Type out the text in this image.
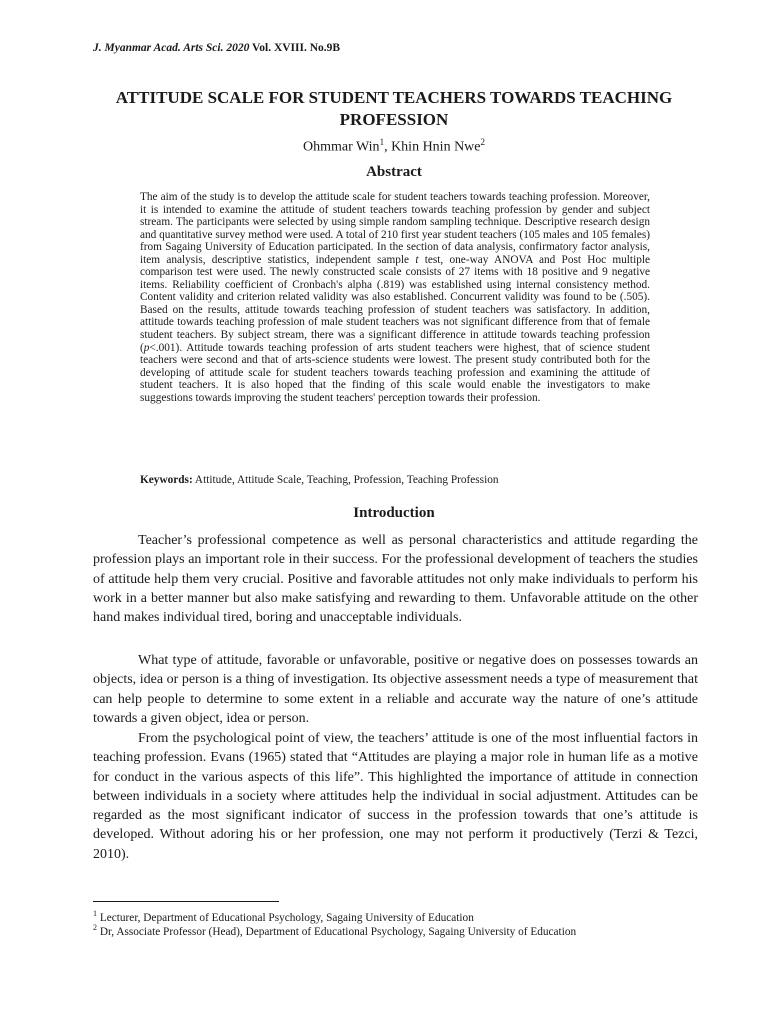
J. Myanmar Acad. Arts Sci. 2020 Vol. XVIII. No.9B
ATTITUDE SCALE FOR STUDENT TEACHERS TOWARDS TEACHING
PROFESSION
Ohmmar Win$^1$, Khin Hnin Nwe$^2$
Abstract

The aim of the study is to develop the attitude scale for student teachers towards teaching profession. Moreover, it is intended to examine the attitude of student teachers towards teaching profession by gender and subject stream. The participants were selected by using simple random sampling technique. Descriptive research design and quantitative survey method were used. A total of 210 first year student teachers (105 males and 105 females) from Sagaing University of Education participated. In the section of data analysis, confirmatory factor analysis, item analysis, descriptive statistics, independent sample t test, one-way ANOVA and Post Hoc multiple comparison test were used. The newly constructed scale consists of 27 items with 18 positive and 9 negative items. Reliability coefficient of Cronbach's alpha (.819) was established using internal consistency method. Content validity and criterion related validity was also established. Concurrent validity was found to be (.505). Based on the results, attitude towards teaching profession of student teachers was satisfactory. In addition, attitude towards teaching profession of male student teachers was not significant difference from that of female student teachers. By subject stream, there was a significant difference in attitude towards teaching profession (p<.001). Attitude towards teaching profession of arts student teachers were highest, that of science student teachers were second and that of arts-science students were lowest. The present study contributed both for the developing of attitude scale for student teachers towards teaching profession and examining the attitude of student teachers. It is also hoped that the finding of this scale would enable the investigators to make suggestions towards improving the student teachers' perception towards their profession.

Keywords: Attitude, Attitude Scale, Teaching, Profession, Teaching Profession

Introduction

Teacher’s professional competence as well as personal characteristics and attitude regarding the profession plays an important role in their success. For the professional development of teachers the studies of attitude help them very crucial. Positive and favorable attitudes not only make individuals to perform his work in a better manner but also make satisfying and rewarding to them. Unfavorable attitude on the other hand makes individual tired, boring and unacceptable individuals.

What type of attitude, favorable or unfavorable, positive or negative does on possesses towards an objects, idea or person is a thing of investigation. Its objective assessment needs a type of measurement that can help people to determine to some extent in a reliable and accurate way the nature of one’s attitude towards a given object, idea or person.

From the psychological point of view, the teachers’ attitude is one of the most influential factors in teaching profession. Evans (1965) stated that “Attitudes are playing a major role in human life as a motive for conduct in the various aspects of this life”. This highlighted the importance of attitude in connection between individuals in a society where attitudes help the individual in social adjustment. Attitudes can be regarded as the most significant indicator of success in the profession towards that one’s attitude is developed. Without adoring his or her profession, one may not perform it productively (Terzi & Tezci, 2010).

$^1$ Lecturer, Department of Educational Psychology, Sagaing University of Education

$^2$ Dr, Associate Professor (Head), Department of Educational Psychology, Sagaing University of Education
